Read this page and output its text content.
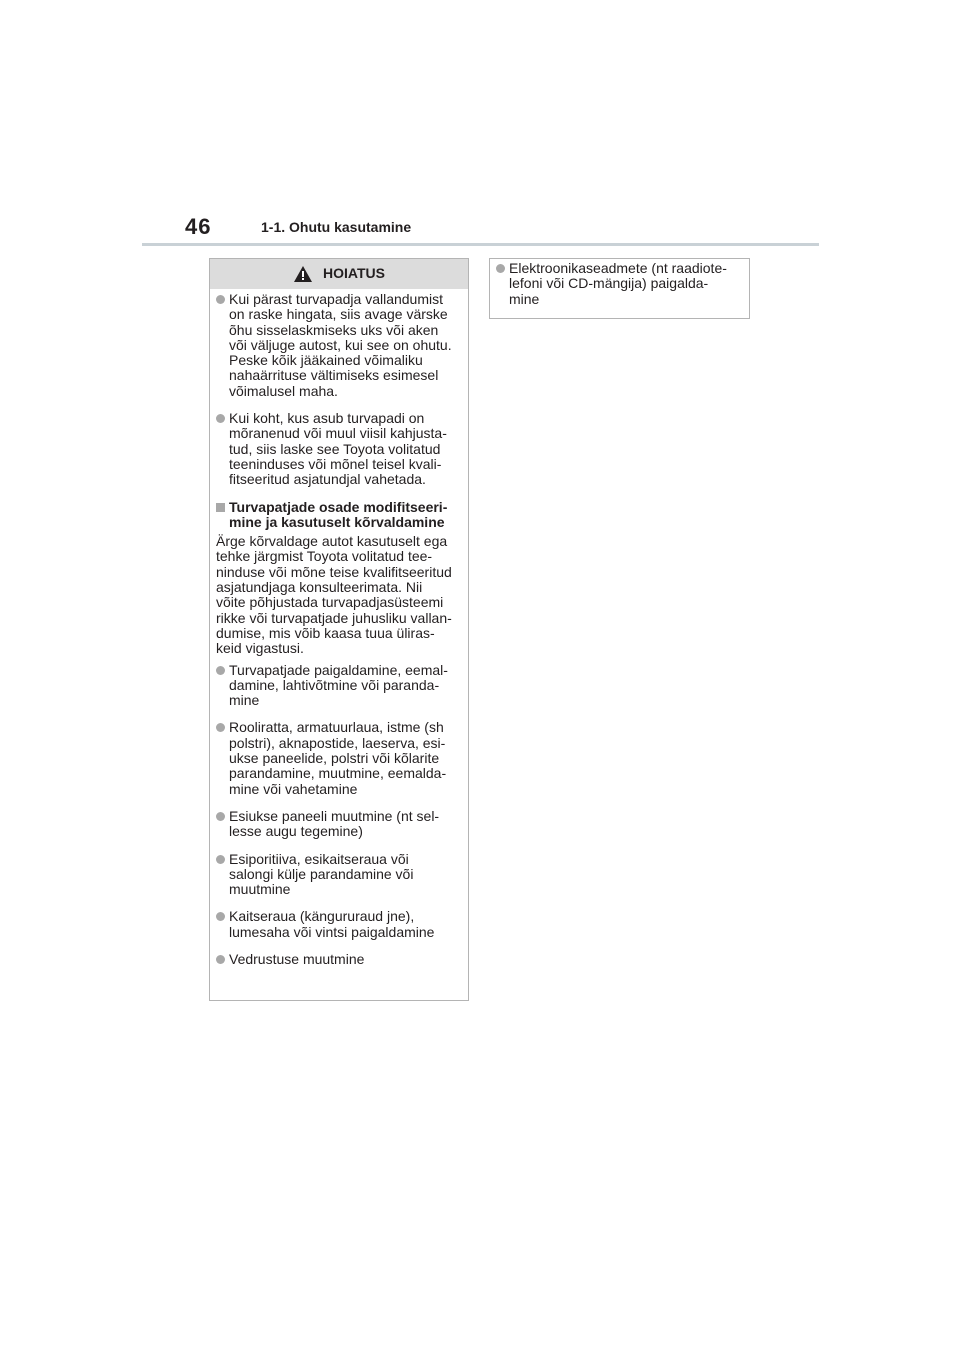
46	1-1. Ohutu kasutamine
HOIATUS
Kui pärast turvapadja vallandumist
on raske hingata, siis avage värske
õhu sisselaskmiseks uks või aken
või väljuge autost, kui see on ohutu.
Peske kõik jääkained võimaliku
nahaärrituse vältimiseks esimesel
võimalusel maha.
Kui koht, kus asub turvapadi on
mõranenud või muul viisil kahjusta-
tud, siis laske see Toyota volitatud
teeninduses või mõnel teisel kvali-
fitseeritud asjatundjal vahetada.
Turvapatjade osade modifitseeri-
mine ja kasutuselt kõrvaldamine
Ärge kõrvaldage autot kasutuselt ega
tehke järgmist Toyota volitatud tee-
ninduse või mõne teise kvalifitseeritud
asjatundjaga konsulteerimata. Nii
võite põhjustada turvapadjasüsteemi
rikke või turvapatjade juhusliku vallan-
dumise, mis võib kaasa tuua üliras-
keid vigastusi.
Turvapatjade paigaldamine, eemal-
damine, lahtivõtmine või paranda-
mine
Rooliratta, armatuurlaua, istme (sh
polstri), aknapostide, laeserva, esi-
ukse paneelide, polstri või kõlarite
parandamine, muutmine, eemalda-
mine või vahetamine
Esiukse paneeli muutmine (nt sel-
lesse augu tegemine)
Esiporitiiva, esikaitseraua või
salongi külje parandamine või
muutmine
Kaitseraua (kängururaud jne),
lumesaha või vintsi paigaldamine
Vedrustuse muutmine
Elektroonikaseadmete (nt raadiote-
lefoni või CD-mängija) paigalda-
mine
